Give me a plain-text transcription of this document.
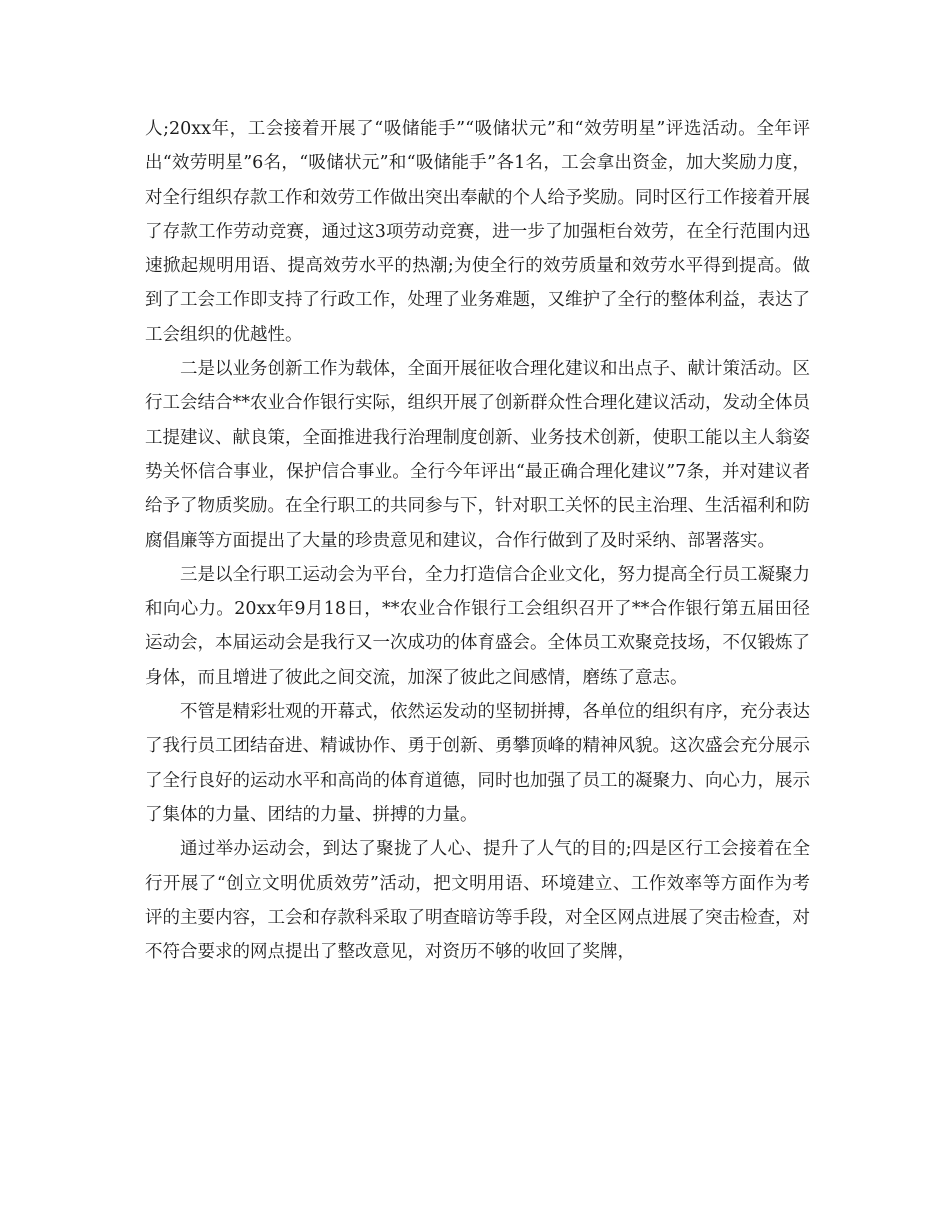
人;20xx年，工会接着开展了“吸储能手”“吸储状元”和“效劳明星”评选活动。全年评出“效劳明星”6名，“吸储状元”和“吸储能手”各1名，工会拿出资金，加大奖励力度，对全行组织存款工作和效劳工作做出突出奉献的个人给予奖励。同时区行工作接着开展了存款工作劳动竞赛，通过这3项劳动竞赛，进一步了加强柜台效劳，在全行范围内迅速掀起规明用语、提高效劳水平的热潮;为使全行的效劳质量和效劳水平得到提高。做到了工会工作即支持了行政工作，处理了业务难题，又维护了全行的整体利益，表达了工会组织的优越性。

二是以业务创新工作为载体，全面开展征收合理化建议和出点子、献计策活动。区行工会结合**农业合作银行实际，组织开展了创新群众性合理化建议活动，发动全体员工提建议、献良策，全面推进我行治理制度创新、业务技术创新，使职工能以主人翁姿势关怀信合事业，保护信合事业。全行今年评出“最正确合理化建议”7条，并对建议者给予了物质奖励。在全行职工的共同参与下，针对职工关怀的民主治理、生活福利和防腐倡廉等方面提出了大量的珍贵意见和建议，合作行做到了及时采纳、部署落实。

三是以全行职工运动会为平台，全力打造信合企业文化，努力提高全行员工凝聚力和向心力。20xx年9月18日，**农业合作银行工会组织召开了**合作银行第五届田径运动会，本届运动会是我行又一次成功的体育盛会。全体员工欢聚竞技场，不仅锻炼了身体，而且增进了彼此之间交流，加深了彼此之间感情，磨练了意志。

不管是精彩壮观的开幕式，依然运发动的坚韧拼搏，各单位的组织有序，充分表达了我行员工团结奋进、精诚协作、勇于创新、勇攀顶峰的精神风貌。这次盛会充分展示了全行良好的运动水平和高尚的体育道德，同时也加强了员工的凝聚力、向心力，展示了集体的力量、团结的力量、拼搏的力量。

通过举办运动会，到达了聚拢了人心、提升了人气的目的;四是区行工会接着在全行开展了“创立文明优质效劳”活动，把文明用语、环境建立、工作效率等方面作为考评的主要内容，工会和存款科采取了明查暗访等手段，对全区网点进展了突击检查，对不符合要求的网点提出了整改意见，对资历不够的收回了奖牌，
